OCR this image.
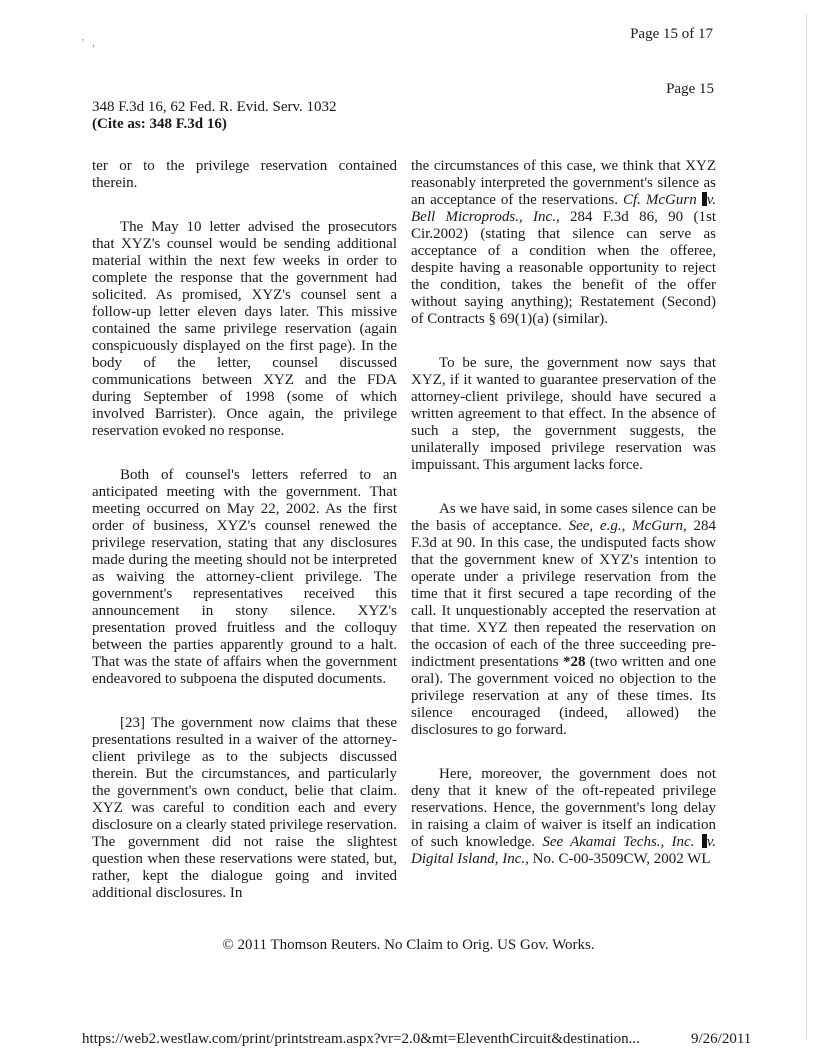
Page 15 of 17
' ,
Page 15
348 F.3d 16, 62 Fed. R. Evid. Serv. 1032
(Cite as: 348 F.3d 16)

ter or to the privilege reservation contained therein.

The May 10 letter advised the prosecutors that XYZ's counsel would be sending additional material within the next few weeks in order to complete the response that the government had solicited. As promised, XYZ's counsel sent a follow-up letter eleven days later. This missive contained the same privilege reservation (again conspicuously displayed on the first page). In the body of the letter, counsel discussed communications between XYZ and the FDA during September of 1998 (some of which involved Barrister). Once again, the privilege reservation evoked no response.

Both of counsel's letters referred to an anticipated meeting with the government. That meeting occurred on May 22, 2002. As the first order of business, XYZ's counsel renewed the privilege reservation, stating that any disclosures made during the meeting should not be interpreted as waiving the attorney-client privilege. The government's representatives received this announcement in stony silence. XYZ's presentation proved fruitless and the colloquy between the parties apparently ground to a halt. That was the state of affairs when the government endeavored to subpoena the disputed documents.

[23] The government now claims that these presentations resulted in a waiver of the attorney-client privilege as to the subjects discussed therein. But the circumstances, and particularly the government's own conduct, belie that claim. XYZ was careful to condition each and every disclosure on a clearly stated privilege reservation. The government did not raise the slightest question when these reservations were stated, but, rather, kept the dialogue going and invited additional disclosures. In

the circumstances of this case, we think that XYZ reasonably interpreted the government's silence as an acceptance of the reservations. Cf. McGurn v. Bell Microprods., Inc., 284 F.3d 86, 90 (1st Cir.2002) (stating that silence can serve as acceptance of a condition when the offeree, despite having a reasonable opportunity to reject the condition, takes the benefit of the offer without saying anything); Restatement (Second) of Contracts § 69(1)(a) (similar).

To be sure, the government now says that XYZ, if it wanted to guarantee preservation of the attorney-client privilege, should have secured a written agreement to that effect. In the absence of such a step, the government suggests, the unilaterally imposed privilege reservation was impuissant. This argument lacks force.

As we have said, in some cases silence can be the basis of acceptance. See, e.g., McGurn, 284 F.3d at 90. In this case, the undisputed facts show that the government knew of XYZ's intention to operate under a privilege reservation from the time that it first secured a tape recording of the call. It unquestionably accepted the reservation at that time. XYZ then repeated the reservation on the occasion of each of the three succeeding pre-indictment presentations *28 (two written and one oral). The government voiced no objection to the privilege reservation at any of these times. Its silence encouraged (indeed, allowed) the disclosures to go forward.

Here, moreover, the government does not deny that it knew of the oft-repeated privilege reservations. Hence, the government's long delay in raising a claim of waiver is itself an indication of such knowledge. See Akamai Techs., Inc. v. Digital Island, Inc., No. C-00-3509CW, 2002 WL

© 2011 Thomson Reuters. No Claim to Orig. US Gov. Works.
https://web2.westlaw.com/print/printstream.aspx?vr=2.0&mt=EleventhCircuit&destination...	9/26/2011
